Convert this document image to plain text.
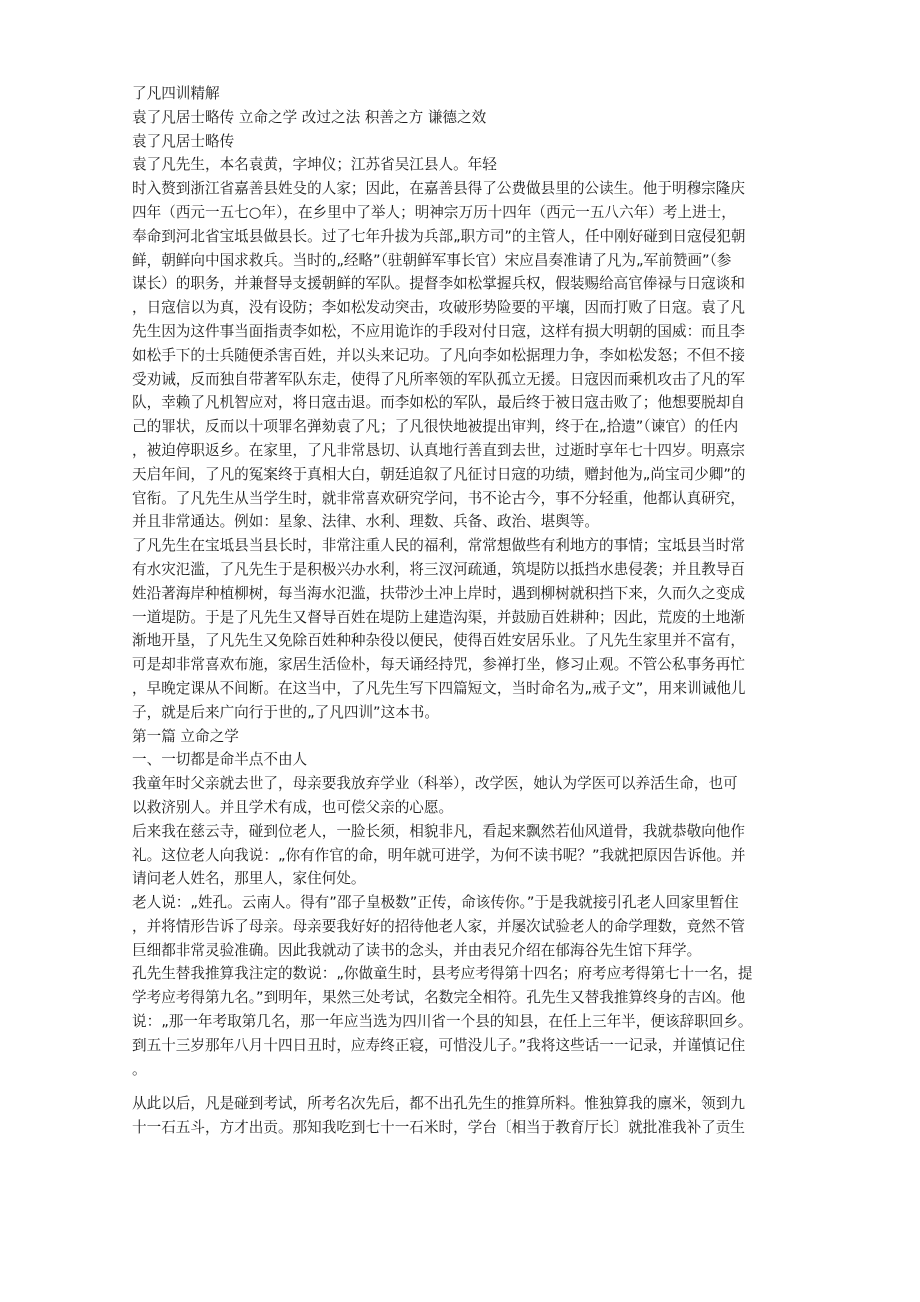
了凡四训精解
袁了凡居士略传 立命之学 改过之法 积善之方 谦德之效
袁了凡居士略传
袁了凡先生，本名袁黄，字坤仪；江苏省吴江县人。年轻
时入赘到浙江省嘉善县姓殳的人家；因此，在嘉善县得了公费做县里的公读生。他于明穆宗隆庆
四年（西元一五七○年），在乡里中了举人；明神宗万历十四年（西元一五八六年）考上进士，
奉命到河北省宝坻县做县长。过了七年升拔为兵部„职方司”的主管人，任中刚好碰到日寇侵犯朝
鲜，朝鲜向中国求救兵。当时的„经略”（驻朝鲜军事长官）宋应昌奏准请了凡为„军前赞画”（参
谋长）的职务，并兼督导支援朝鲜的军队。提督李如松掌握兵权，假装赐给高官俸禄与日寇谈和
，日寇信以为真，没有设防；李如松发动突击，攻破形势险要的平壤，因而打败了日寇。袁了凡
先生因为这件事当面指责李如松，不应用诡诈的手段对付日寇，这样有损大明朝的国威：而且李
如松手下的士兵随便杀害百姓，并以头来记功。了凡向李如松据理力争，李如松发怒；不但不接
受劝诫，反而独自带著军队东走，使得了凡所率领的军队孤立无援。日寇因而乘机攻击了凡的军
队，幸赖了凡机智应对，将日寇击退。而李如松的军队，最后终于被日寇击败了；他想要脱却自
己的罪状，反而以十项罪名弹劾袁了凡；了凡很快地被提出审判，终于在„拾遗”（谏官）的任内
，被迫停职返乡。在家里，了凡非常恳切、认真地行善直到去世，过逝时享年七十四岁。明熹宗
天启年间，了凡的冤案终于真相大白，朝廷追叙了凡征讨日寇的功绩，赠封他为„尚宝司少卿”的
官衔。了凡先生从当学生时，就非常喜欢研究学问，书不论古今，事不分轻重，他都认真研究，
并且非常通达。例如：星象、法律、水利、理数、兵备、政治、堪舆等。
了凡先生在宝坻县当县长时，非常注重人民的福利，常常想做些有利地方的事情；宝坻县当时常
有水灾氾滥，了凡先生于是积极兴办水利，将三汊河疏通，筑堤防以抵挡水患侵袭；并且教导百
姓沿著海岸种植柳树，每当海水氾滥，扶带沙土冲上岸时，遇到柳树就积挡下来，久而久之变成
一道堤防。于是了凡先生又督导百姓在堤防上建造沟渠，并鼓励百姓耕种；因此，荒废的土地渐
渐地开垦，了凡先生又免除百姓种种杂役以便民，使得百姓安居乐业。了凡先生家里并不富有，
可是却非常喜欢布施，家居生活俭朴，每天诵经持咒，参禅打坐，修习止观。不管公私事务再忙
，早晚定课从不间断。在这当中，了凡先生写下四篇短文，当时命名为„戒子文”，用来训诫他儿
子，就是后来广向行于世的„了凡四训”这本书。
第一篇 立命之学
一、一切都是命半点不由人
我童年时父亲就去世了，母亲要我放弃学业（科举），改学医，她认为学医可以养活生命，也可
以救济别人。并且学术有成，也可偿父亲的心愿。
后来我在慈云寺，碰到位老人，一脸长须，相貌非凡，看起来飘然若仙风道骨，我就恭敬向他作
礼。这位老人向我说：„你有作官的命，明年就可进学，为何不读书呢？”我就把原因告诉他。并
请问老人姓名，那里人，家住何处。
老人说：„姓孔。云南人。得有”邵子皇极数”正传，命该传你。”于是我就接引孔老人回家里暂住
，并将情形告诉了母亲。母亲要我好好的招待他老人家，并屡次试验老人的命学理数，竟然不管
巨细都非常灵验准确。因此我就动了读书的念头，并由表兄介绍在郁海谷先生馆下拜学。
孔先生替我推算我注定的数说：„你做童生时，县考应考得第十四名；府考应考得第七十一名，提
学考应考得第九名。”到明年，果然三处考试，名数完全相符。孔先生又替我推算终身的吉凶。他
说：„那一年考取第几名，那一年应当选为四川省一个县的知县，在任上三年半，便该辞职回乡。
到五十三岁那年八月十四日丑时，应寿终正寝，可惜没儿子。”我将这些话一一记录，并谨慎记住
。
从此以后，凡是碰到考试，所考名次先后，都不出孔先生的推算所料。惟独算我的廪米，领到九
十一石五斗，方才出贡。那知我吃到七十一石米时，学台〔相当于教育厅长〕就批准我补了贡生
